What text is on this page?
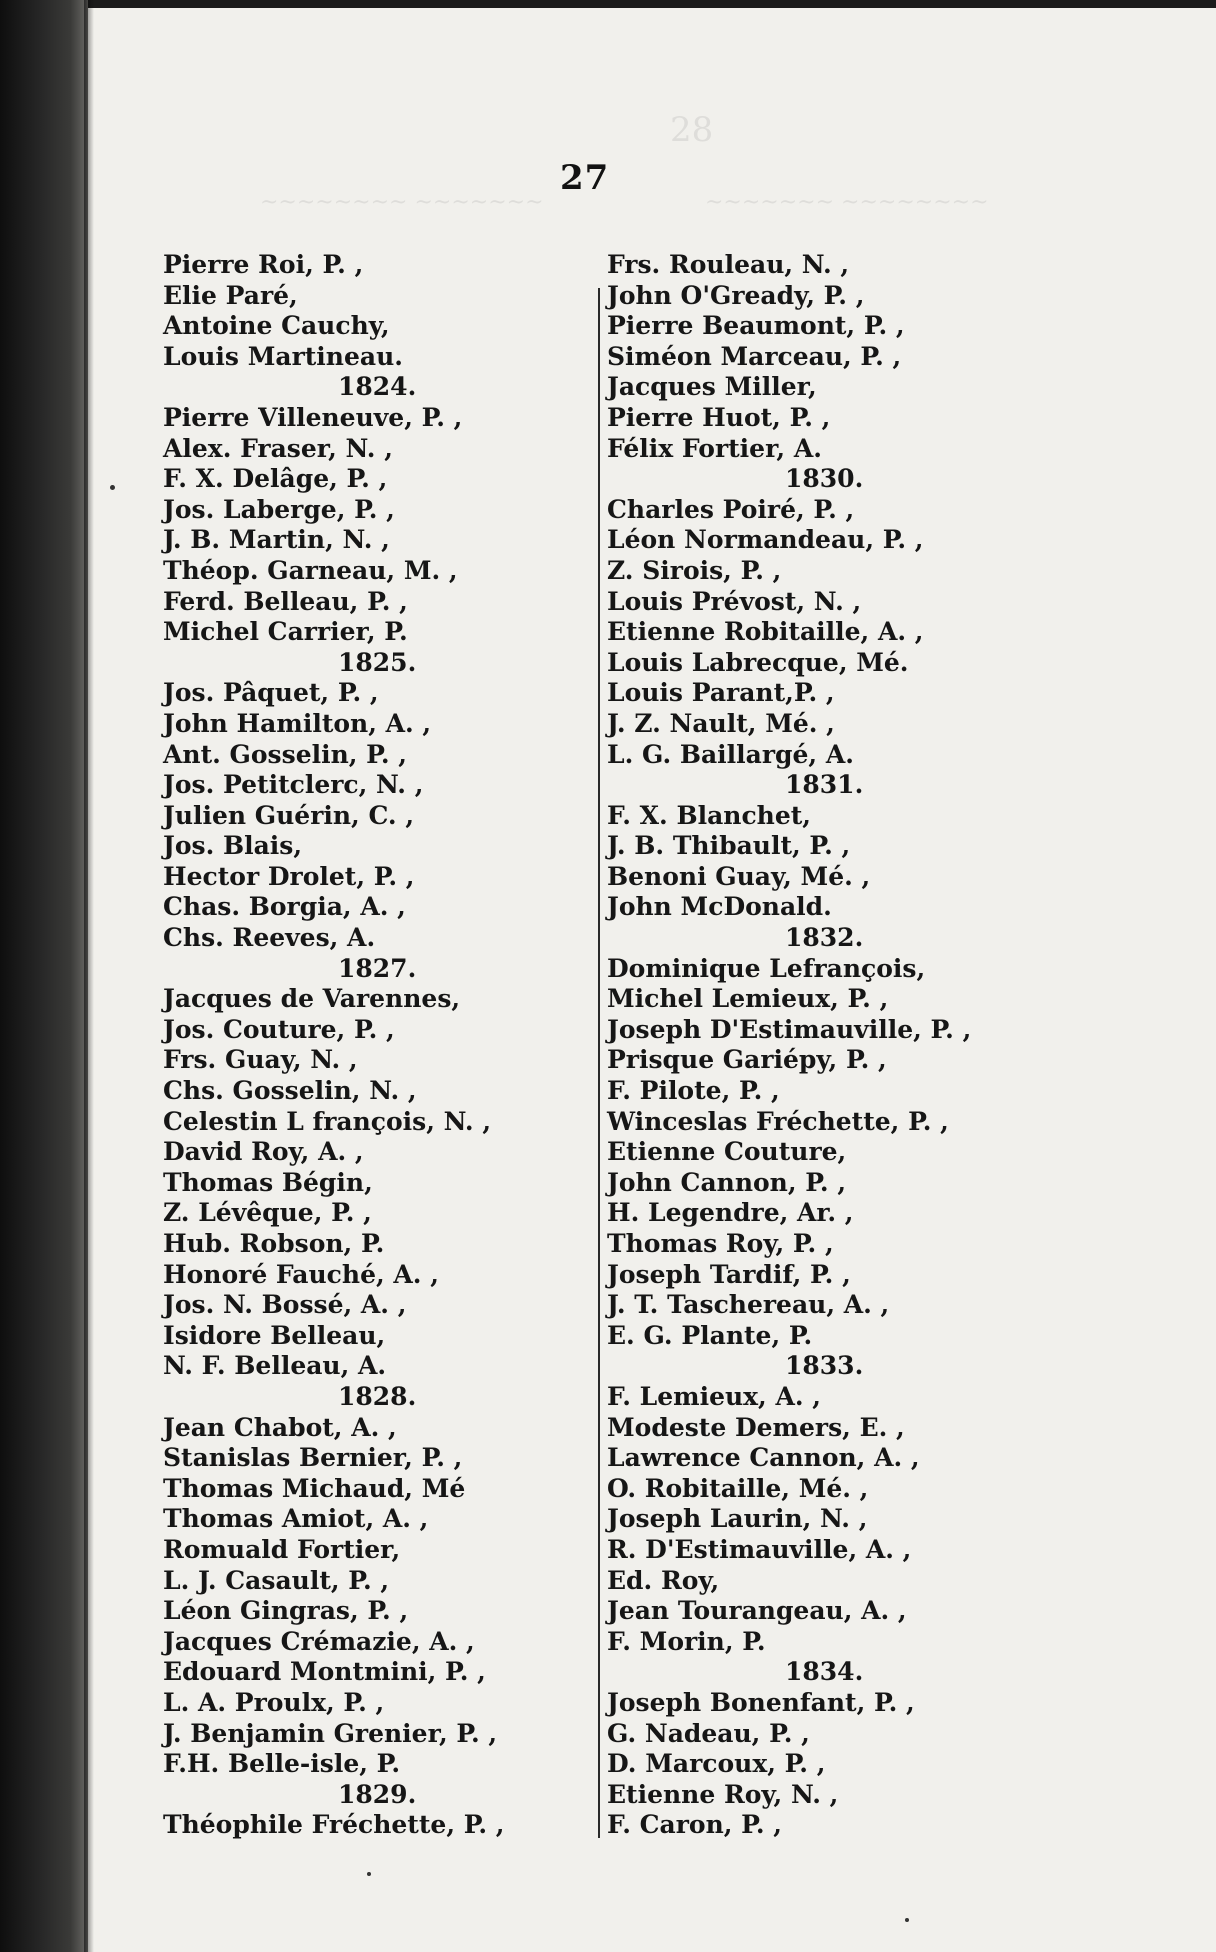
28
~~~~~~~~ ~~~~~~~	~~~~~~~ ~~~~~~~~
27
Pierre Roi, P. ,
Elie Paré,
Antoine Cauchy,
Louis Martineau.
1824.
Pierre Villeneuve, P. ,
Alex. Fraser, N. ,
F. X. Delâge, P. ,
Jos. Laberge, P. ,
J. B. Martin, N. ,
Théop. Garneau, M. ,
Ferd. Belleau, P. ,
Michel Carrier, P.
1825.
Jos. Pâquet, P. ,
John Hamilton, A. ,
Ant. Gosselin, P. ,
Jos. Petitclerc, N. ,
Julien Guérin, C. ,
Jos. Blais,
Hector Drolet, P. ,
Chas. Borgia, A. ,
Chs. Reeves, A.
1827.
Jacques de Varennes,
Jos. Couture, P. ,
Frs. Guay, N. ,
Chs. Gosselin, N. ,
Celestin L françois, N. ,
David Roy, A. ,
Thomas Bégin,
Z. Lévêque, P. ,
Hub. Robson, P.
Honoré Fauché, A. ,
Jos. N. Bossé, A. ,
Isidore Belleau,
N. F. Belleau, A.
1828.
Jean Chabot, A. ,
Stanislas Bernier, P. ,
Thomas Michaud, Mé
Thomas Amiot, A. ,
Romuald Fortier,
L. J. Casault, P. ,
Léon Gingras, P. ,
Jacques Crémazie, A. ,
Edouard Montmini, P. ,
L. A. Proulx, P. ,
J. Benjamin Grenier, P. ,
F.H. Belle-isle, P.
1829.
Théophile Fréchette, P. ,
Frs. Rouleau, N. ,
John O'Gready, P. ,
Pierre Beaumont, P. ,
Siméon Marceau, P. ,
Jacques Miller,
Pierre Huot, P. ,
Félix Fortier, A.
1830.
Charles Poiré, P. ,
Léon Normandeau, P. ,
Z. Sirois, P. ,
Louis Prévost, N. ,
Etienne Robitaille, A. ,
Louis Labrecque, Mé.
Louis Parant,P. ,
J. Z. Nault, Mé. ,
L. G. Baillargé, A.
1831.
F. X. Blanchet,
J. B. Thibault, P. ,
Benoni Guay, Mé. ,
John McDonald.
1832.
Dominique Lefrançois,
Michel Lemieux, P. ,
Joseph D'Estimauville, P. ,
Prisque Gariépy, P. ,
F. Pilote, P. ,
Winceslas Fréchette, P. ,
Etienne Couture,
John Cannon, P. ,
H. Legendre, Ar. ,
Thomas Roy, P. ,
Joseph Tardif, P. ,
J. T. Taschereau, A. ,
E. G. Plante, P.
1833.
F. Lemieux, A. ,
Modeste Demers, E. ,
Lawrence Cannon, A. ,
O. Robitaille, Mé. ,
Joseph Laurin, N. ,
R. D'Estimauville, A. ,
Ed. Roy,
Jean Tourangeau, A. ,
F. Morin, P.
1834.
Joseph Bonenfant, P. ,
G. Nadeau, P. ,
D. Marcoux, P. ,
Etienne Roy, N. ,
F. Caron, P. ,
